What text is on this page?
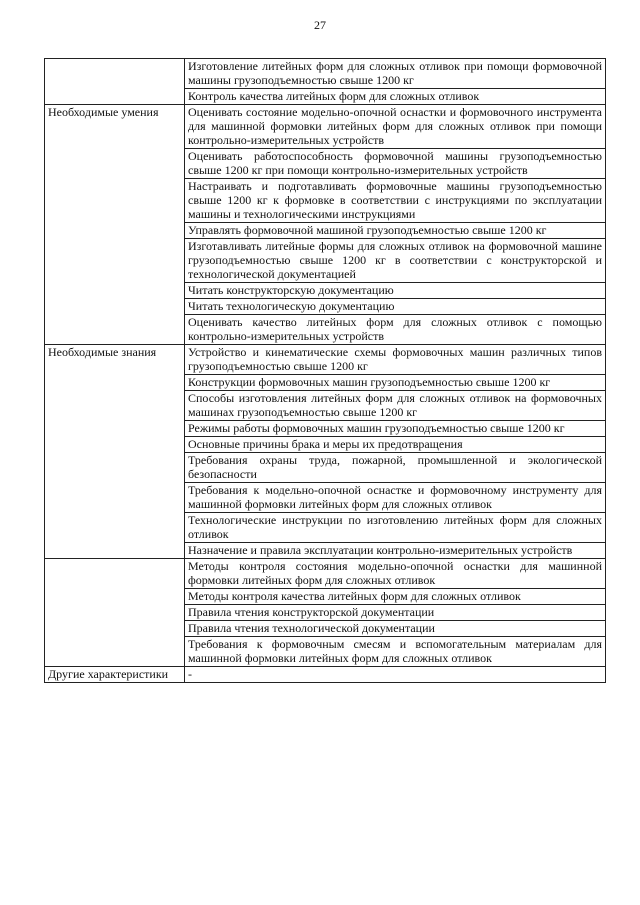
27
	Изготовление литейных форм для сложных отливок при помощи формовочной машины грузоподъемностью свыше 1200 кг
	Контроль качества литейных форм для сложных отливок
Необходимые умения	Оценивать состояние модельно-опочной оснастки и формовочного инструмента для машинной формовки литейных форм для сложных отливок при помощи контрольно-измерительных устройств
	Оценивать работоспособность формовочной машины грузоподъемностью свыше 1200 кг при помощи контрольно-измерительных устройств
	Настраивать и подготавливать формовочные машины грузоподъемностью свыше 1200 кг к формовке в соответствии с инструкциями по эксплуатации машины и технологическими инструкциями
	Управлять формовочной машиной грузоподъемностью свыше 1200 кг
	Изготавливать литейные формы для сложных отливок на формовочной машине грузоподъемностью свыше 1200 кг в соответствии с конструкторской и технологической документацией
	Читать конструкторскую документацию
	Читать технологическую документацию
	Оценивать качество литейных форм для сложных отливок с помощью контрольно-измерительных устройств
Необходимые знания	Устройство и кинематические схемы формовочных машин различных типов грузоподъемностью свыше 1200 кг
	Конструкции формовочных машин грузоподъемностью свыше 1200 кг
	Способы изготовления литейных форм для сложных отливок на формовочных машинах грузоподъемностью свыше 1200 кг
	Режимы работы формовочных машин грузоподъемностью свыше 1200 кг
	Основные причины брака и меры их предотвращения
	Требования охраны труда, пожарной, промышленной и экологической безопасности
	Требования к модельно-опочной оснастке и формовочному инструменту для машинной формовки литейных форм для сложных отливок
	Технологические инструкции по изготовлению литейных форм для сложных отливок
	Назначение и правила эксплуатации контрольно-измерительных устройств
	Методы контроля состояния модельно-опочной оснастки для машинной формовки литейных форм для сложных отливок
	Методы контроля качества литейных форм для сложных отливок
	Правила чтения конструкторской документации
	Правила чтения технологической документации
	Требования к формовочным смесям и вспомогательным материалам для машинной формовки литейных форм для сложных отливок
Другие характеристики	-
